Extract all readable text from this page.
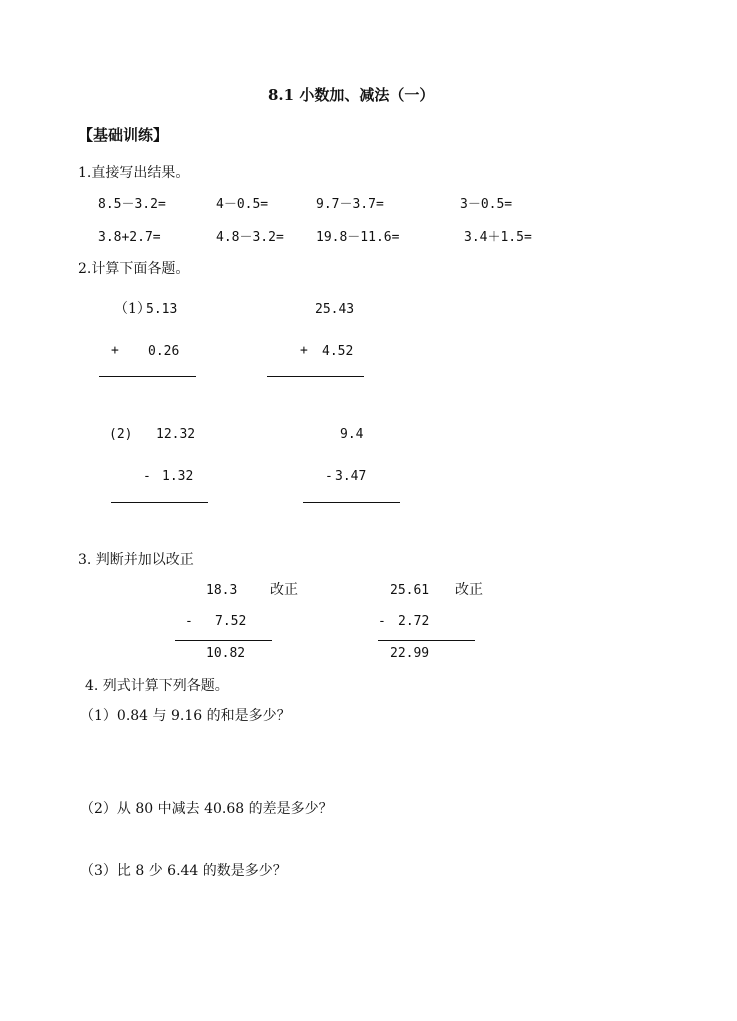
8.1 小数加、减法（一）
【基础训练】
1.直接写出结果。
8.5－3.2=	4－0.5=	9.7－3.7=	3－0.5=
3.8+2.7=	4.8－3.2= 19.8－11.6=	3.4＋1.5=
2.计算下面各题。
（1）
5.13
+ 0.26
25.43
+ 4.52
(2) 12.32
- 1.32
9.4
- 3.47
3. 判断并加以改正
18.3 改正
- 7.52
10.82
25.61 改正
- 2.72
22.99
4. 列式计算下列各题。
（1）0.84 与 9.16 的和是多少？
（2）从 80 中减去 40.68 的差是多少？
（3）比 8 少 6.44 的数是多少？
